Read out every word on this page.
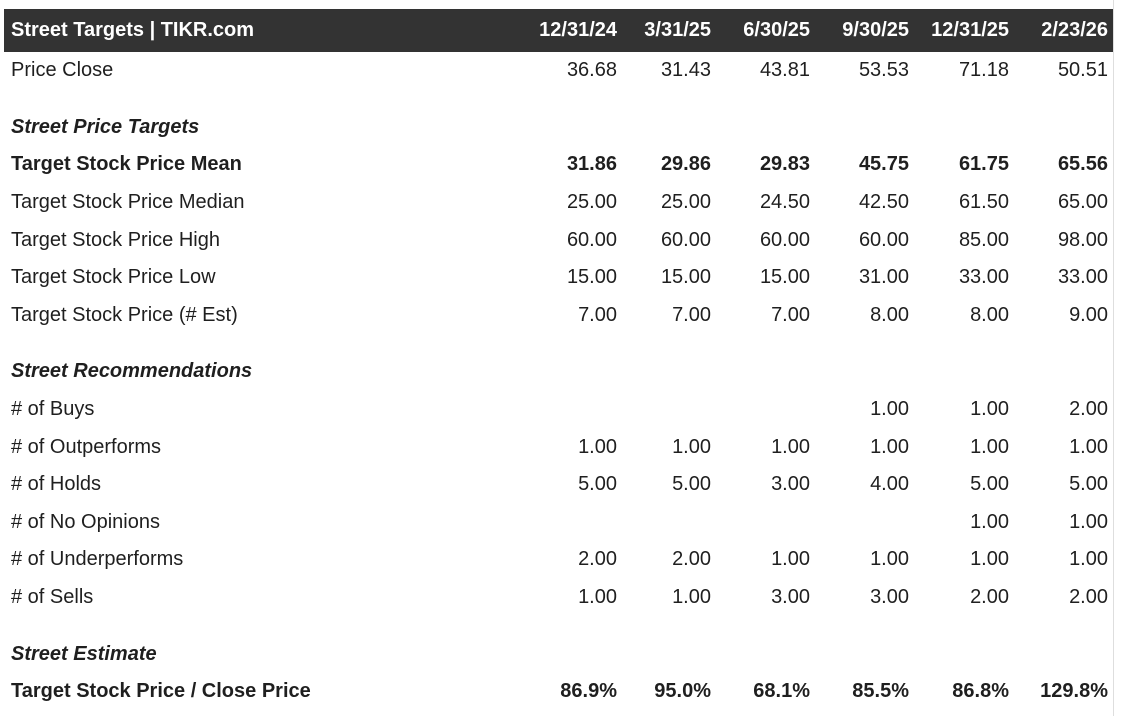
Street Targets | TIKR.com	12/31/24	3/31/25	6/30/25	9/30/25	12/31/25	2/23/26
Price Close	36.68	31.43	43.81	53.53	71.18	50.51

Street Price Targets						
Target Stock Price Mean	31.86	29.86	29.83	45.75	61.75	65.56
Target Stock Price Median	25.00	25.00	24.50	42.50	61.50	65.00
Target Stock Price High	60.00	60.00	60.00	60.00	85.00	98.00
Target Stock Price Low	15.00	15.00	15.00	31.00	33.00	33.00
Target Stock Price (# Est)	7.00	7.00	7.00	8.00	8.00	9.00

Street Recommendations						
# of Buys				1.00	1.00	2.00
# of Outperforms	1.00	1.00	1.00	1.00	1.00	1.00
# of Holds	5.00	5.00	3.00	4.00	5.00	5.00
# of No Opinions					1.00	1.00
# of Underperforms	2.00	2.00	1.00	1.00	1.00	1.00
# of Sells	1.00	1.00	3.00	3.00	2.00	2.00

Street Estimate						
Target Stock Price / Close Price	86.9%	95.0%	68.1%	85.5%	86.8%	129.8%
